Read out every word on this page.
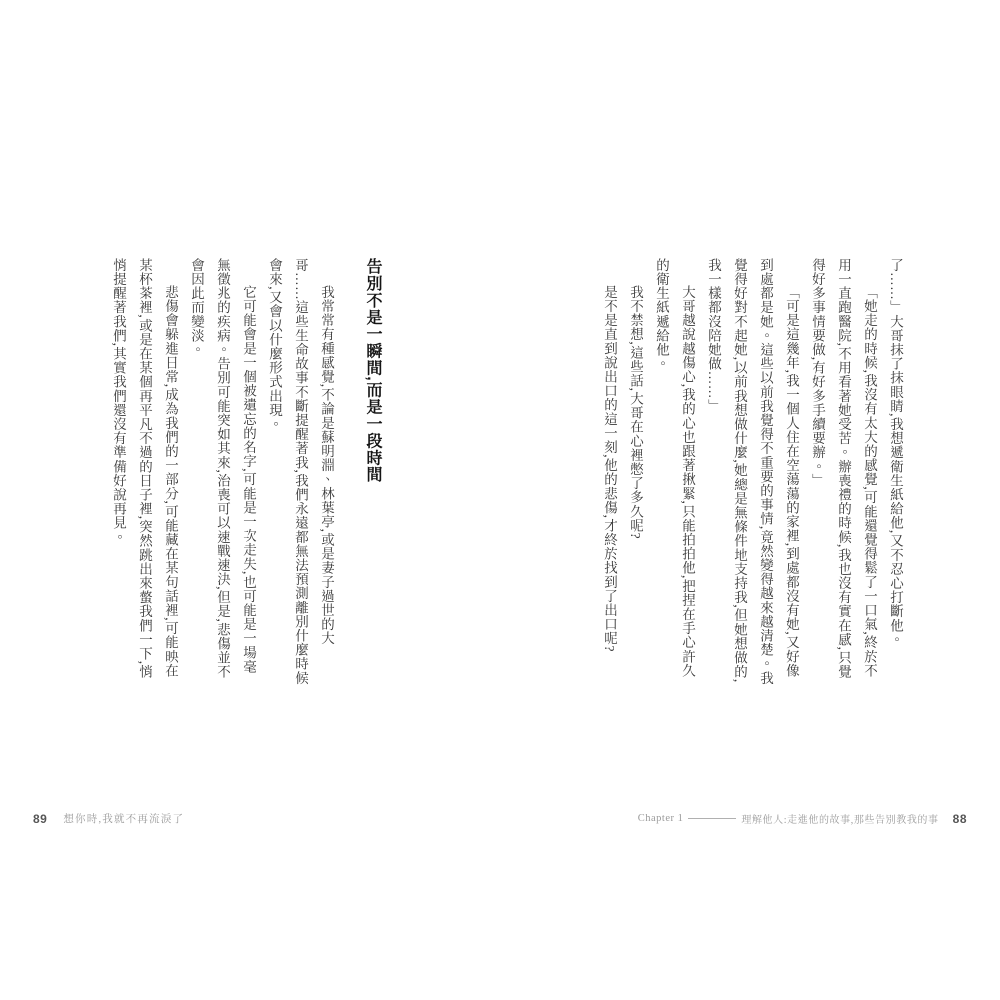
了……」大哥抹了抹眼睛,我想遞衛生紙給他,又不忍心打斷他。

「她走的時候,我沒有太大的感覺,可能還覺得鬆了一口氣,終於不用一直跑醫院,不用看著她受苦。辦喪禮的時候,我也沒有實在感,只覺得好多事情要做,有好多手續要辦。」

「可是這幾年,我一個人住在空蕩蕩的家裡,到處都沒有她,又好像到處都是她。這些以前我覺得不重要的事情,竟然變得越來越清楚。我覺得好對不起她,以前我想做什麼,她總是無條件地支持我,但她想做的,我一樣都沒陪她做……」

大哥越說越傷心,我的心也跟著揪緊,只能拍拍他,把捏在手心許久的衛生紙遞給他。

我不禁想,這些話,大哥在心裡憋了多久呢?

是不是直到說出口的這一刻,他的悲傷,才終於找到了出口呢?

Chapter 1	理解他人:走進他的故事,那些告別教我的事 88
告別不是一瞬間,而是一段時間

我常常有種感覺,不論是蘇明淵、林葉亭,或是妻子過世的大哥……這些生命故事不斷提醒著我,我們永遠都無法預測離別什麼時候會來,又會以什麼形式出現。

它可能會是一個被遺忘的名字,可能是一次走失,也可能是一場毫無徵兆的疾病。告別可能突如其來,治喪可以速戰速決,但是,悲傷並不會因此而變淡。

悲傷會躲進日常,成為我們的一部分,可能藏在某句話裡,可能映在某杯茶裡,或是在某個再平凡不過的日子裡,突然跳出來螫我們一下,悄悄提醒著我們,其實我們還沒有準備好說再見。

89 想你時,我就不再流淚了
